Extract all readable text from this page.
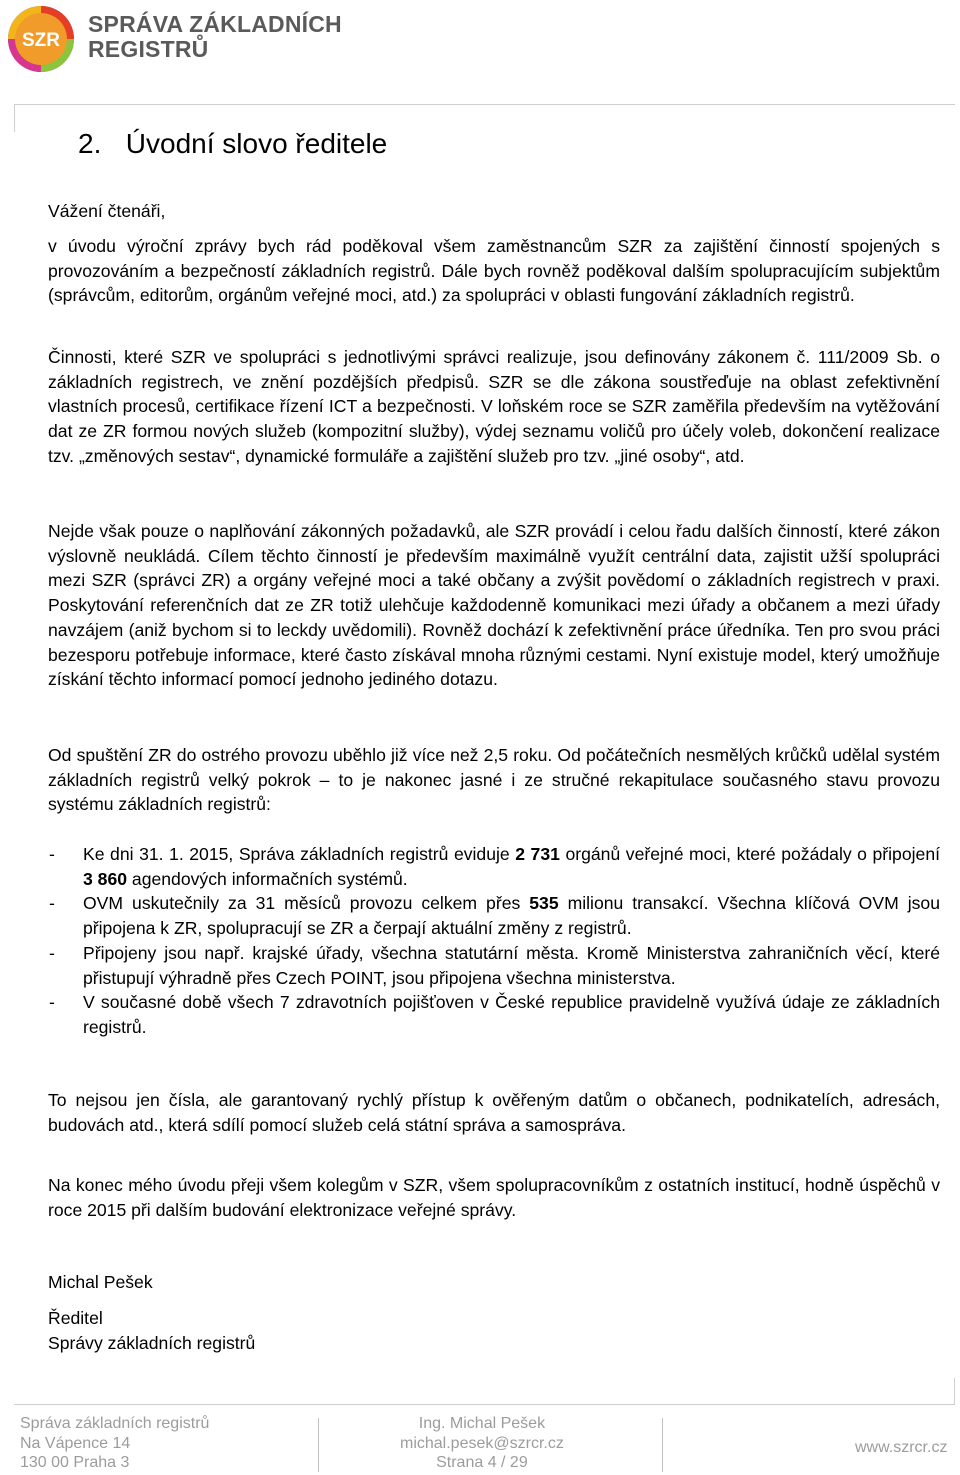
SZR
SPRÁVA ZÁKLADNÍCH
REGISTRŮ
2. Úvodní slovo ředitele

Vážení čtenáři,

v úvodu výroční zprávy bych rád poděkoval všem zaměstnancům SZR za zajištění činností spojených s provozováním a bezpečností základních registrů. Dále bych rovněž poděkoval dalším spolupracujícím subjektům (správcům, editorům, orgánům veřejné moci, atd.) za spolupráci v oblasti fungování základních registrů.

Činnosti, které SZR ve spolupráci s jednotlivými správci realizuje, jsou definovány zákonem č. 111/2009 Sb. o základních registrech, ve znění pozdějších předpisů. SZR se dle zákona soustřeďuje na oblast zefektivnění vlastních procesů, certifikace řízení ICT a bezpečnosti. V loňském roce se SZR zaměřila především na vytěžování dat ze ZR formou nových služeb (kompozitní služby), výdej seznamu voličů pro účely voleb, dokončení realizace tzv. „změnových sestav“, dynamické formuláře a zajištění služeb pro tzv. „jiné osoby“, atd.

Nejde však pouze o naplňování zákonných požadavků, ale SZR provádí i celou řadu dalších činností, které zákon výslovně neukládá. Cílem těchto činností je především maximálně využít centrální data, zajistit užší spolupráci mezi SZR (správci ZR) a orgány veřejné moci a také občany a zvýšit povědomí o základních registrech v praxi. Poskytování referenčních dat ze ZR totiž ulehčuje každodenně komunikaci mezi úřady a občanem a mezi úřady navzájem (aniž bychom si to leckdy uvědomili). Rovněž dochází k zefektivnění práce úředníka. Ten pro svou práci bezesporu potřebuje informace, které často získával mnoha různými cestami. Nyní existuje model, který umožňuje získání těchto informací pomocí jednoho jediného dotazu.

Od spuštění ZR do ostrého provozu uběhlo již více než 2,5 roku. Od počátečních nesmělých krůčků udělal systém základních registrů velký pokrok – to je nakonec jasné i ze stručné rekapitulace současného stavu provozu systému základních registrů:

- Ke dni 31. 1. 2015, Správa základních registrů eviduje 2 731 orgánů veřejné moci, které požádaly o připojení 3 860 agendových informačních systémů.
- OVM uskutečnily za 31 měsíců provozu celkem přes 535 milionu transakcí. Všechna klíčová OVM jsou připojena k ZR, spolupracují se ZR a čerpají aktuální změny z registrů.
- Připojeny jsou např. krajské úřady, všechna statutární města. Kromě Ministerstva zahraničních věcí, které přistupují výhradně přes Czech POINT, jsou připojena všechna ministerstva.
- V současné době všech 7 zdravotních pojišťoven v České republice pravidelně využívá údaje ze základních registrů.

To nejsou jen čísla, ale garantovaný rychlý přístup k ověřeným datům o občanech, podnikatelích, adresách, budovách atd., která sdílí pomocí služeb celá státní správa a samospráva.

Na konec mého úvodu přeji všem kolegům v SZR, všem spolupracovníkům z ostatních institucí, hodně úspěchů v roce 2015 při dalším budování elektronizace veřejné správy.

Michal Pešek

Ředitel

Správy základních registrů

Správa základních registrů
Na Vápence 14
130 00 Praha 3
Ing. Michal Pešek
michal.pesek@szrcr.cz
Strana 4 / 29
www.szrcr.cz
